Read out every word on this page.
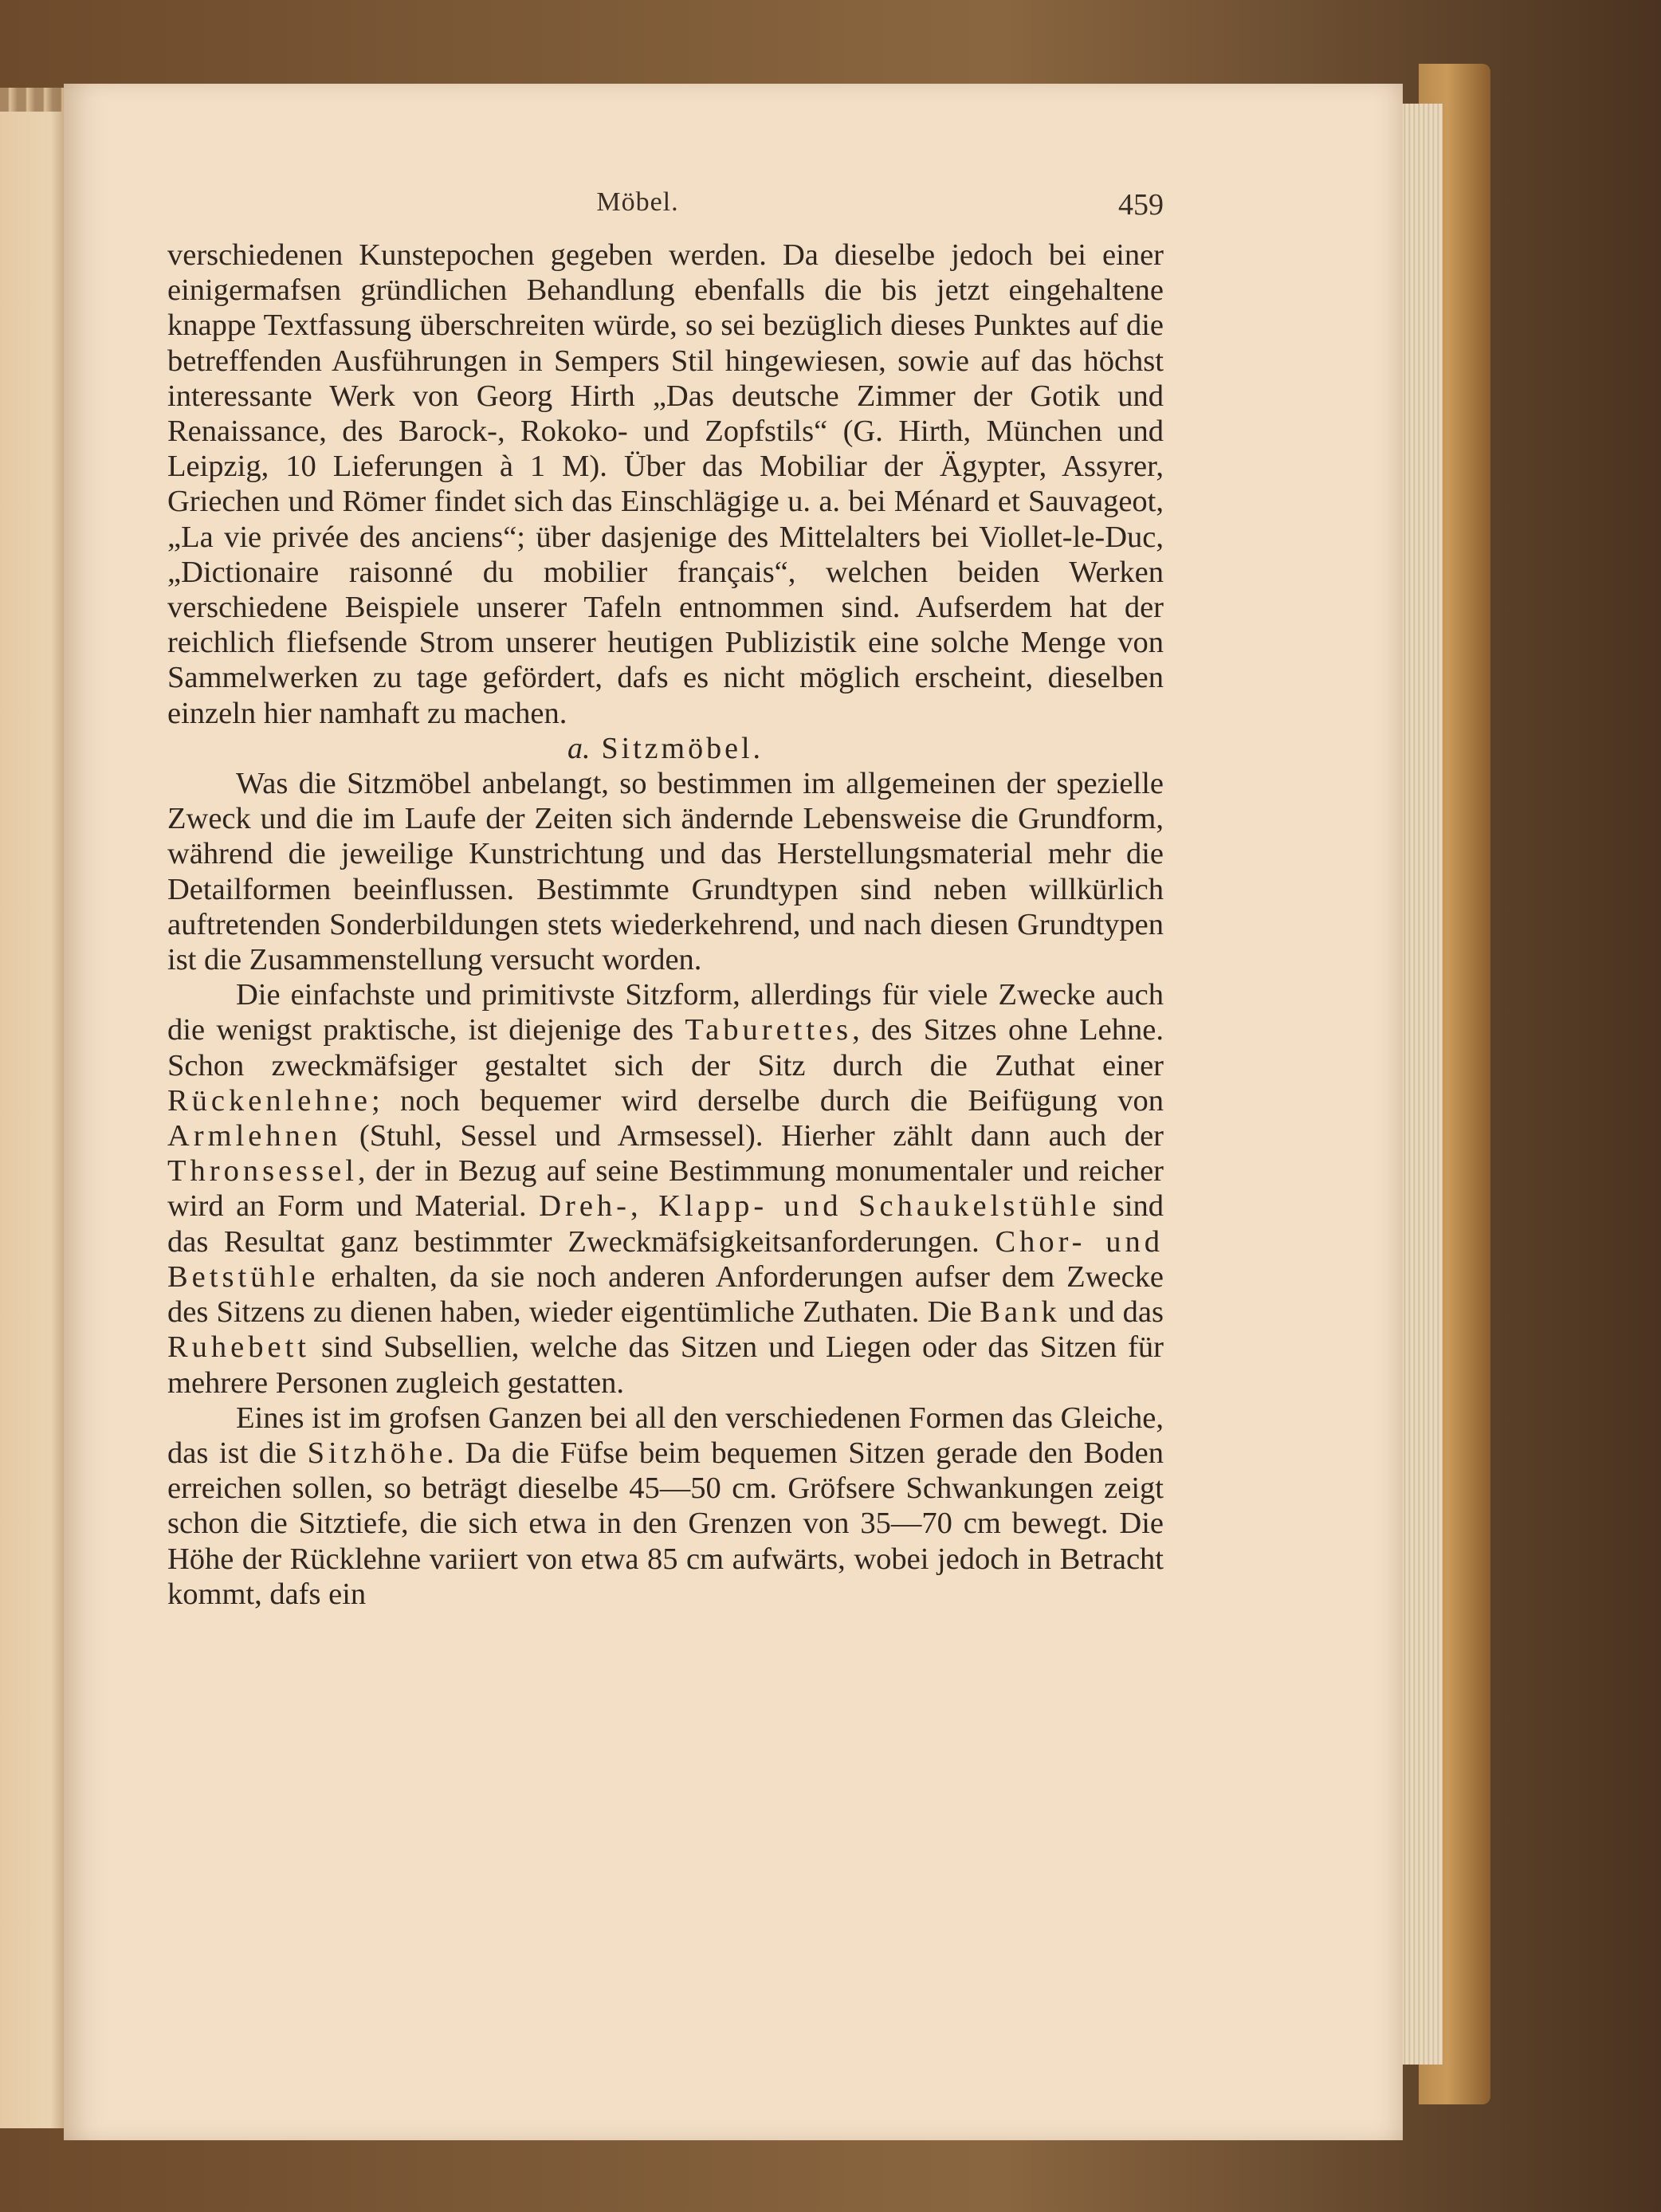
Möbel.	459

verschiedenen Kunstepochen gegeben werden. Da dieselbe jedoch bei einer einigermafsen gründlichen Behandlung ebenfalls die bis jetzt eingehaltene knappe Textfassung überschreiten würde, so sei bezüglich dieses Punktes auf die betreffenden Ausführungen in Sempers Stil hingewiesen, sowie auf das höchst interessante Werk von Georg Hirth „Das deutsche Zimmer der Gotik und Renaissance, des Barock-, Rokoko- und Zopfstils“ (G. Hirth, München und Leipzig, 10 Lieferungen à 1 M). Über das Mobiliar der Ägypter, Assyrer, Griechen und Römer findet sich das Einschlägige u. a. bei Ménard et Sauvageot, „La vie privée des anciens“; über dasjenige des Mittelalters bei Viollet-le-Duc, „Dictionaire raisonné du mobilier français“, welchen beiden Werken verschiedene Beispiele unserer Tafeln entnommen sind. Aufserdem hat der reichlich fliefsende Strom unserer heutigen Publizistik eine solche Menge von Sammelwerken zu tage gefördert, dafs es nicht möglich erscheint, dieselben einzeln hier namhaft zu machen.

a. Sitzmöbel.

Was die Sitzmöbel anbelangt, so bestimmen im allgemeinen der spezielle Zweck und die im Laufe der Zeiten sich ändernde Lebensweise die Grundform, während die jeweilige Kunstrichtung und das Herstellungsmaterial mehr die Detailformen beeinflussen. Bestimmte Grundtypen sind neben willkürlich auftretenden Sonderbildungen stets wiederkehrend, und nach diesen Grundtypen ist die Zusammenstellung versucht worden.

Die einfachste und primitivste Sitzform, allerdings für viele Zwecke auch die wenigst praktische, ist diejenige des Taburettes, des Sitzes ohne Lehne. Schon zweckmäfsiger gestaltet sich der Sitz durch die Zuthat einer Rückenlehne; noch bequemer wird derselbe durch die Beifügung von Armlehnen (Stuhl, Sessel und Armsessel). Hierher zählt dann auch der Thronsessel, der in Bezug auf seine Bestimmung monumentaler und reicher wird an Form und Material. Dreh-, Klapp- und Schaukelstühle sind das Resultat ganz bestimmter Zweckmäfsigkeitsanforderungen. Chor- und Betstühle erhalten, da sie noch anderen Anforderungen aufser dem Zwecke des Sitzens zu dienen haben, wieder eigentümliche Zuthaten. Die Bank und das Ruhebett sind Subsellien, welche das Sitzen und Liegen oder das Sitzen für mehrere Personen zugleich gestatten.

Eines ist im grofsen Ganzen bei all den verschiedenen Formen das Gleiche, das ist die Sitzhöhe. Da die Füfse beim bequemen Sitzen gerade den Boden erreichen sollen, so beträgt dieselbe 45—50 cm. Gröfsere Schwankungen zeigt schon die Sitztiefe, die sich etwa in den Grenzen von 35—70 cm bewegt. Die Höhe der Rücklehne variiert von etwa 85 cm aufwärts, wobei jedoch in Betracht kommt, dafs ein
